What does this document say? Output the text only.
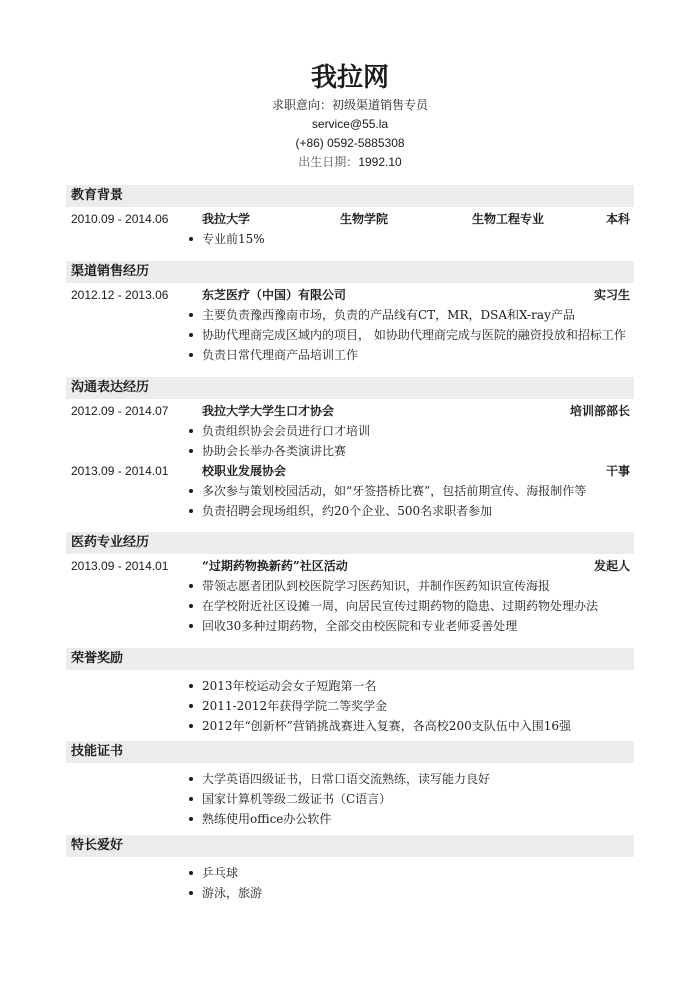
我拉网
求职意向：初级渠道销售专员
service@55.la
(+86) 0592-5885308
出生日期：1992.10
教育背景
2010.09 - 2014.06	我拉大学	生物学院	生物工程专业	本科
专业前15%
渠道销售经历
2012.12 - 2013.06	东芝医疗（中国）有限公司	实习生
主要负责豫西豫南市场，负责的产品线有CT，MR，DSA和X-ray产品
协助代理商完成区域内的项目， 如协助代理商完成与医院的融资投放和招标工作
负责日常代理商产品培训工作
沟通表达经历
2012.09 - 2014.07	我拉大学大学生口才协会	培训部部长
负责组织协会会员进行口才培训
协助会长举办各类演讲比赛
2013.09 - 2014.01	校职业发展协会	干事
多次参与策划校园活动，如“牙签搭桥比赛”，包括前期宣传、海报制作等
负责招聘会现场组织，约20个企业、500名求职者参加
医药专业经历
2013.09 - 2014.01	“过期药物换新药”社区活动	发起人
带领志愿者团队到校医院学习医药知识，并制作医药知识宣传海报
在学校附近社区设摊一周，向居民宣传过期药物的隐患、过期药物处理办法
回收30多种过期药物，全部交由校医院和专业老师妥善处理
荣誉奖励
2013年校运动会女子短跑第一名
2011-2012年获得学院二等奖学金
2012年“创新杯”营销挑战赛进入复赛，各高校200支队伍中入围16强
技能证书
大学英语四级证书，日常口语交流熟练，读写能力良好
国家计算机等级二级证书（C语言）
熟练使用office办公软件
特长爱好
乒乓球
游泳，旅游
